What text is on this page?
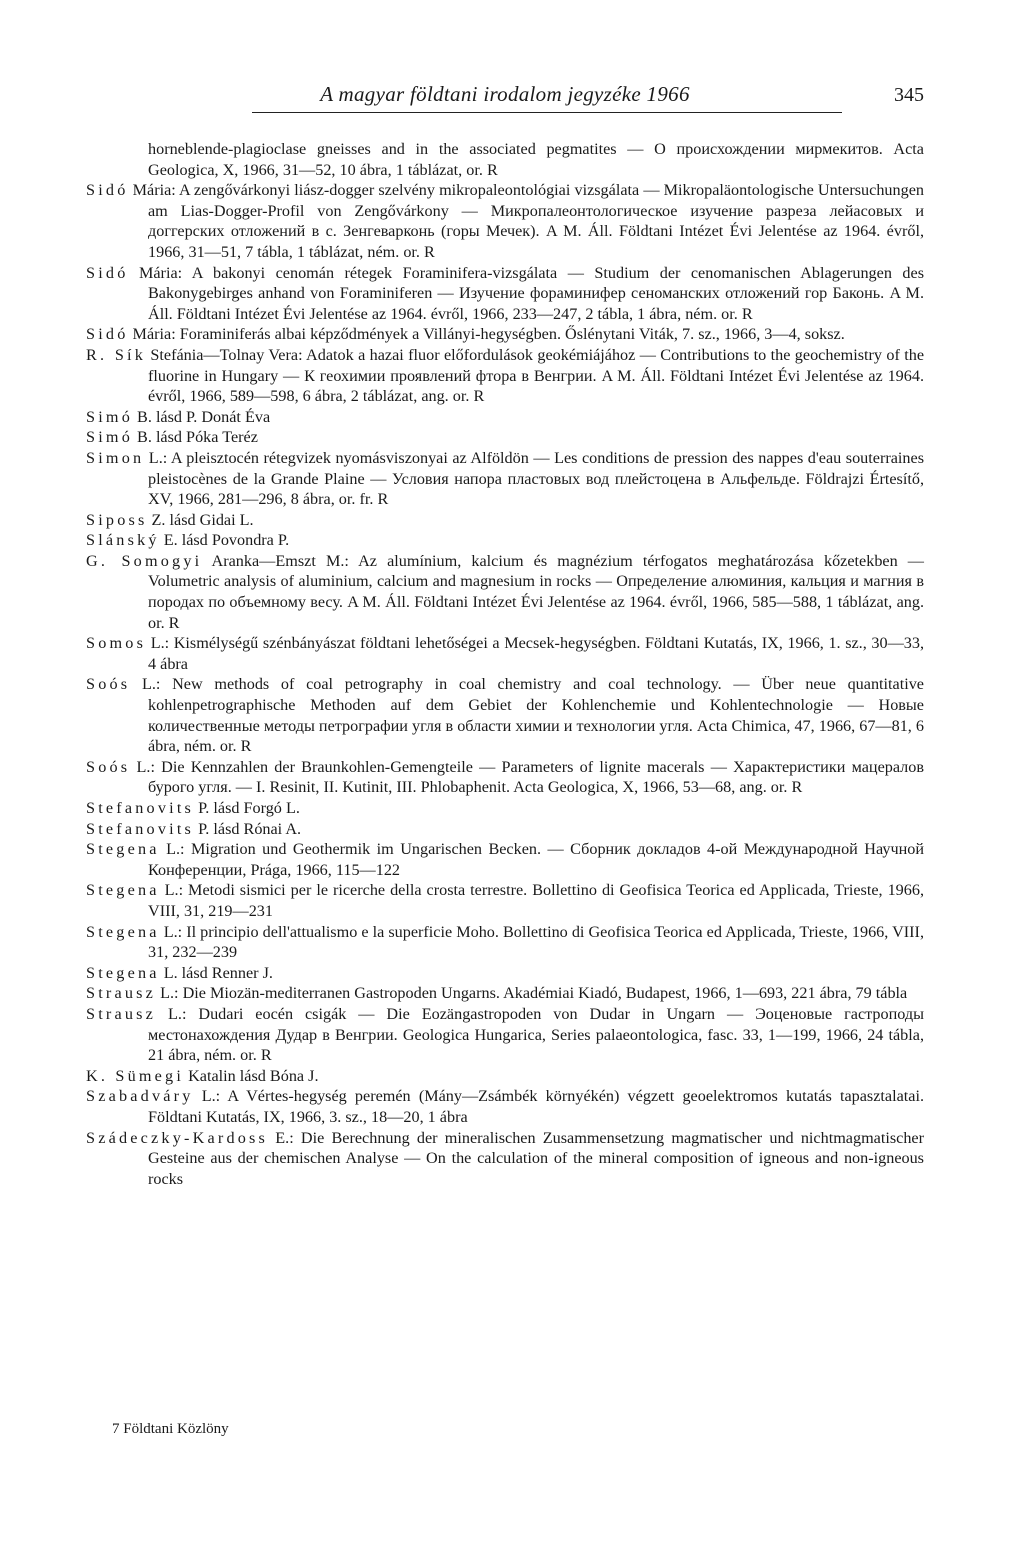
A magyar földtani irodalom jegyzéke 1966	345
horneblende-plagioclase gneisses and in the associated pegmatites — О происхождении мирмекитов. Acta Geologica, X, 1966, 31—52, 10 ábra, 1 táblázat, or. R
Sidó Mária: A zengővárkonyi liász-dogger szelvény mikropaleontológiai vizsgálata — Mikropaläontologische Untersuchungen am Lias-Dogger-Profil von Zengővárkony — Микропалеонтологическое изучение разреза лейасовых и доггерских отложений в с. Зенгеварконь (горы Мечек). A M. Áll. Földtani Intézet Évi Jelentése az 1964. évről, 1966, 31—51, 7 tábla, 1 táblázat, ném. or. R
Sidó Mária: A bakonyi cenomán rétegek Foraminifera-vizsgálata — Studium der cenomanischen Ablagerungen des Bakonygebirges anhand von Foraminiferen — Изучение фораминифер сеноманских отложений гор Баконь. A M. Áll. Földtani Intézet Évi Jelentése az 1964. évről, 1966, 233—247, 2 tábla, 1 ábra, ném. or. R
Sidó Mária: Foraminiferás albai képződmények a Villányi-hegységben. Őslénytani Viták, 7. sz., 1966, 3—4, soksz.
R. Sík Stefánia—Tolnay Vera: Adatok a hazai fluor előfordulások geokémiájához — Contributions to the geochemistry of the fluorine in Hungary — К геохимии проявлений фтора в Венгрии. A M. Áll. Földtani Intézet Évi Jelentése az 1964. évről, 1966, 589—598, 6 ábra, 2 táblázat, ang. or. R
Simó B. lásd P. Donát Éva
Simó B. lásd Póka Teréz
Simon L.: A pleisztocén rétegvizek nyomásviszonyai az Alföldön — Les conditions de pression des nappes d'eau souterraines pleistocènes de la Grande Plaine — Условия напора пластовых вод плейстоцена в Альфельде. Földrajzi Értesítő, XV, 1966, 281—296, 8 ábra, or. fr. R
Siposs Z. lásd Gidai L.
Slánský E. lásd Povondra P.
G. Somogyi Aranka—Emszt M.: Az alumínium, kalcium és magnézium térfogatos meghatározása kőzetekben — Volumetric analysis of aluminium, calcium and magnesium in rocks — Определение алюминия, кальция и магния в породах по объемному весу. A M. Áll. Földtani Intézet Évi Jelentése az 1964. évről, 1966, 585—588, 1 táblázat, ang. or. R
Somos L.: Kismélységű szénbányászat földtani lehetőségei a Mecsek-hegységben. Földtani Kutatás, IX, 1966, 1. sz., 30—33, 4 ábra
Soós L.: New methods of coal petrography in coal chemistry and coal technology. — Über neue quantitative kohlenpetrographische Methoden auf dem Gebiet der Kohlenchemie und Kohlentechnologie — Новые количественные методы петрографии угля в области химии и технологии угля. Acta Chimica, 47, 1966, 67—81, 6 ábra, ném. or. R
Soós L.: Die Kennzahlen der Braunkohlen-Gemengteile — Parameters of lignite macerals — Характеристики мацералов бурого угля. — I. Resinit, II. Kutinit, III. Phlobaphenit. Acta Geologica, X, 1966, 53—68, ang. or. R
Stefanovits P. lásd Forgó L.
Stefanovits P. lásd Rónai A.
Stegena L.: Migration und Geothermik im Ungarischen Becken. — Сборник докладов 4-ой Международной Научной Конференции, Prága, 1966, 115—122
Stegena L.: Metodi sismici per le ricerche della crosta terrestre. Bollettino di Geofisica Teorica ed Applicada, Trieste, 1966, VIII, 31, 219—231
Stegena L.: Il principio dell'attualismo e la superficie Moho. Bollettino di Geofisica Teorica ed Applicada, Trieste, 1966, VIII, 31, 232—239
Stegena L. lásd Renner J.
Strausz L.: Die Miozän-mediterranen Gastropoden Ungarns. Akadémiai Kiadó, Budapest, 1966, 1—693, 221 ábra, 79 tábla
Strausz L.: Dudari eocén csigák — Die Eozängastropoden von Dudar in Ungarn — Эоценовые гастроподы местонахождения Дудар в Венгрии. Geologica Hungarica, Series palaeontologica, fasc. 33, 1—199, 1966, 24 tábla, 21 ábra, ném. or. R
K. Sümegi Katalin lásd Bóna J.
Szabadváry L.: A Vértes-hegység peremén (Mány—Zsámbék környékén) végzett geoelektromos kutatás tapasztalatai. Földtani Kutatás, IX, 1966, 3. sz., 18—20, 1 ábra
Szádeczky-Kardoss E.: Die Berechnung der mineralischen Zusammensetzung magmatischer und nichtmagmatischer Gesteine aus der chemischen Analyse — On the calculation of the mineral composition of igneous and non-igneous rocks
7 Földtani Közlöny
